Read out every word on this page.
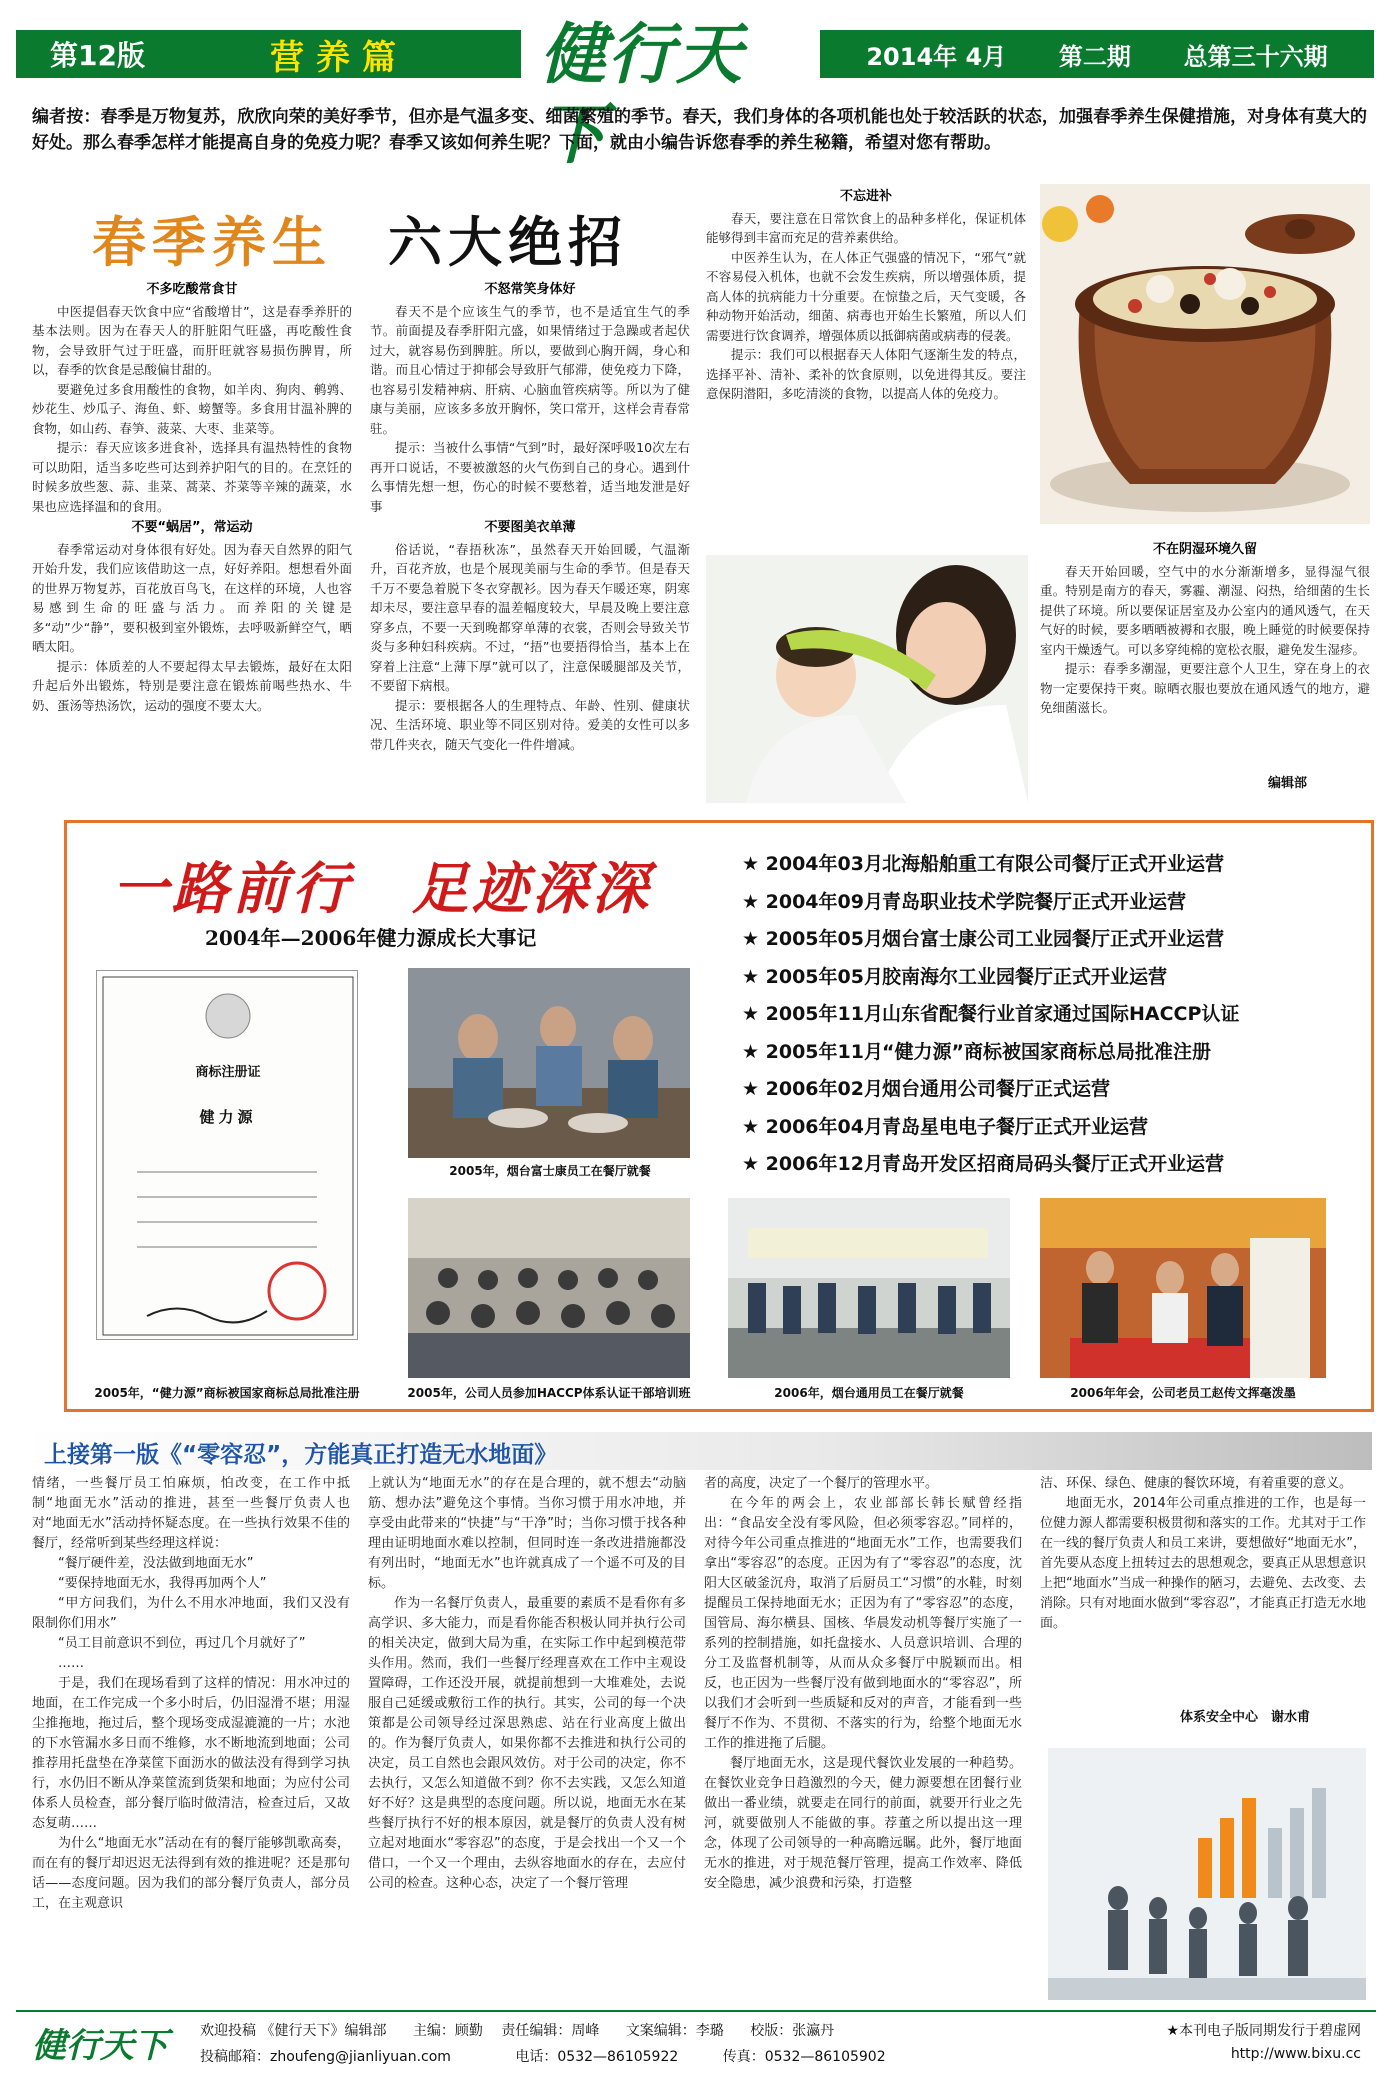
第12版	营养篇 健行天下
2014年 4月 第二期 总第三十六期
编者按：春季是万物复苏，欣欣向荣的美好季节，但亦是气温多变、细菌繁殖的季节。春天，我们身体的各项机能也处于较活跃的状态，加强春季养生保健措施，对身体有莫大的好处。那么春季怎样才能提高自身的免疫力呢？春季又该如何养生呢？下面，就由小编告诉您春季的养生秘籍，希望对您有帮助。
春季养生 六大绝招
不多吃酸常食甘

中医提倡春天饮食中应“省酸增甘”，这是春季养肝的基本法则。因为在春天人的肝脏阳气旺盛，再吃酸性食物，会导致肝气过于旺盛，而肝旺就容易损伤脾胃，所以，春季的饮食是忌酸偏甘甜的。

要避免过多食用酸性的食物，如羊肉、狗肉、鹌鹑、炒花生、炒瓜子、海鱼、虾、螃蟹等。多食用甘温补脾的食物，如山药、春笋、菠菜、大枣、韭菜等。

提示：春天应该多进食补，选择具有温热特性的食物可以助阳，适当多吃些可达到养护阳气的目的。在烹饪的时候多放些葱、蒜、韭菜、蒿菜、芥菜等辛辣的蔬菜，水果也应选择温和的食用。

不要“蜗居”，常运动

春季常运动对身体很有好处。因为春天自然界的阳气开始升发，我们应该借助这一点，好好养阳。想想看外面的世界万物复苏，百花放百鸟飞，在这样的环境，人也容易感到生命的旺盛与活力。而养阳的关键是多“动”少“静”，要积极到室外锻炼，去呼吸新鲜空气，晒晒太阳。

提示：体质差的人不要起得太早去锻炼，最好在太阳升起后外出锻炼，特别是要注意在锻炼前喝些热水、牛奶、蛋汤等热汤饮，运动的强度不要太大。

不怒常笑身体好

春天不是个应该生气的季节，也不是适宜生气的季节。前面提及春季肝阳亢盛，如果情绪过于急躁或者起伏过大，就容易伤到脾脏。所以，要做到心胸开阔，身心和谐。而且心情过于抑郁会导致肝气郁滞，使免疫力下降，也容易引发精神病、肝病、心脑血管疾病等。所以为了健康与美丽，应该多多放开胸怀，笑口常开，这样会青春常驻。

提示：当被什么事情“气到”时，最好深呼吸10次左右再开口说话，不要被激怒的火气伤到自己的身心。遇到什么事情先想一想，伤心的时候不要愁着，适当地发泄是好事

不要图美衣单薄

俗话说，“春捂秋冻”，虽然春天开始回暖，气温渐升，百花齐放，也是个展现美丽与生命的季节。但是春天千万不要急着脱下冬衣穿靓衫。因为春天乍暖还寒，阴寒却未尽，要注意早春的温差幅度较大，早晨及晚上要注意穿多点，不要一天到晚都穿单薄的衣裳，否则会导致关节炎与多种妇科疾病。不过，“捂”也要捂得恰当，基本上在穿着上注意“上薄下厚”就可以了，注意保暖腿部及关节，不要留下病根。

提示：要根据各人的生理特点、年龄、性别、健康状况、生活环境、职业等不同区别对待。爱美的女性可以多带几件夹衣，随天气变化一件件增减。

不忘进补

春天，要注意在日常饮食上的品种多样化，保证机体能够得到丰富而充足的营养素供给。

中医养生认为，在人体正气强盛的情况下，“邪气”就不容易侵入机体，也就不会发生疾病，所以增强体质，提高人体的抗病能力十分重要。在惊蛰之后，天气变暖，各种动物开始活动，细菌、病毒也开始生长繁殖，所以人们需要进行饮食调养，增强体质以抵御病菌或病毒的侵袭。

提示：我们可以根据春天人体阳气逐渐生发的特点，选择平补、清补、柔补的饮食原则，以免进得其反。要注意保阴潜阳，多吃清淡的食物，以提高人体的免疫力。

不在阴湿环境久留

春天开始回暖，空气中的水分渐渐增多，显得湿气很重。特别是南方的春天，雾霾、潮湿、闷热，给细菌的生长提供了环境。所以要保证居室及办公室内的通风透气，在天气好的时候，要多晒晒被褥和衣服，晚上睡觉的时候要保持室内干燥透气。可以多穿纯棉的宽松衣服，避免发生湿疹。

提示：春季多潮湿，更要注意个人卫生，穿在身上的衣物一定要保持干爽。晾晒衣服也要放在通风透气的地方，避免细菌滋长。

编辑部
一路前行　足迹深深
2004年—2006年健力源成长大事记
★ 2004年03月 北海船舶重工有限公司餐厅正式开业运营
★ 2004年09月 青岛职业技术学院餐厅正式开业运营
★ 2005年05月 烟台富士康公司工业园餐厅正式开业运营
★ 2005年05月 胶南海尔工业园餐厅正式开业运营
★ 2005年11月 山东省配餐行业首家通过国际HACCP认证
★ 2005年11月 “健力源”商标被国家商标总局批准注册
★ 2006年02月 烟台通用公司餐厅正式运营
★ 2006年04月 青岛星电电子餐厅正式开业运营
★ 2006年12月 青岛开发区招商局码头餐厅正式开业运营
商标注册证
健力源
2005年，烟台富士康员工在餐厅就餐
2005年，公司人员参加HACCP体系认证干部培训班	2006年，烟台通用员工在餐厅就餐	2006年年会，公司老员工赵传文挥毫泼墨
2005年，“健力源”商标被国家商标总局批准注册
上接第一版《“零容忍”，方能真正打造无水地面》

情绪，一些餐厅员工怕麻烦，怕改变，在工作中抵制“地面无水”活动的推进，甚至一些餐厅负责人也对“地面无水”活动持怀疑态度。在一些执行效果不佳的餐厅，经常听到某些经理这样说：

“餐厅硬件差，没法做到地面无水”

“要保持地面无水，我得再加两个人”

“甲方问我们，为什么不用水冲地面，我们又没有限制你们用水”

“员工目前意识不到位，再过几个月就好了”

……

于是，我们在现场看到了这样的情况：用水冲过的地面，在工作完成一个多小时后，仍旧湿滑不堪；用湿尘推拖地，拖过后，整个现场变成湿漉漉的一片；水池的下水管漏水多日而不维修，水不断地流到地面；公司推荐用托盘垫在净菜筐下面沥水的做法没有得到学习执行，水仍旧不断从净菜筐流到货架和地面；为应付公司体系人员检查，部分餐厅临时做清洁，检查过后，又故态复萌……

为什么“地面无水”活动在有的餐厅能够凯歌高奏，而在有的餐厅却迟迟无法得到有效的推进呢？还是那句话——态度问题。因为我们的部分餐厅负责人，部分员工，在主观意识

上就认为“地面无水”的存在是合理的，就不想去“动脑筋、想办法”避免这个事情。当你习惯于用水冲地，并享受由此带来的“快捷”与“干净”时；当你习惯于找各种理由证明地面水难以控制，但同时连一条改进措施都没有列出时，“地面无水”也许就真成了一个遥不可及的目标。

作为一名餐厅负责人，最重要的素质不是看你有多高学识、多大能力，而是看你能否积极认同并执行公司的相关决定，做到大局为重，在实际工作中起到模范带头作用。然而，我们一些餐厅经理喜欢在工作中主观设置障碍，工作还没开展，就提前想到一大堆难处，去说服自己延缓或敷衍工作的执行。其实，公司的每一个决策都是公司领导经过深思熟虑、站在行业高度上做出的。作为餐厅负责人，如果你都不去推进和执行公司的决定，员工自然也会跟风效仿。对于公司的决定，你不去执行，又怎么知道做不到？你不去实践，又怎么知道好不好？这是典型的态度问题。所以说，地面无水在某些餐厅执行不好的根本原因，就是餐厅的负责人没有树立起对地面水“零容忍”的态度，于是会找出一个又一个借口，一个又一个理由，去纵容地面水的存在，去应付公司的检查。这种心态，决定了一个餐厅管理

者的高度，决定了一个餐厅的管理水平。

在今年的两会上，农业部部长韩长赋曾经指出：“食品安全没有零风险，但必须零容忍。”同样的，对待今年公司重点推进的“地面无水”工作，也需要我们拿出“零容忍”的态度。正因为有了“零容忍”的态度，沈阳大区破釜沉舟，取消了后厨员工“习惯”的水鞋，时刻提醒员工保持地面无水；正因为有了“零容忍”的态度，国管局、海尔横县、国核、华晨发动机等餐厅实施了一系列的控制措施，如托盘接水、人员意识培训、合理的分工及监督机制等，从而从众多餐厅中脱颖而出。相反，也正因为一些餐厅没有做到地面水的“零容忍”，所以我们才会听到一些质疑和反对的声音，才能看到一些餐厅不作为、不贯彻、不落实的行为，给整个地面无水工作的推进拖了后腿。

餐厅地面无水，这是现代餐饮业发展的一种趋势。在餐饮业竞争日趋激烈的今天，健力源要想在团餐行业做出一番业绩，就要走在同行的前面，就要开行业之先河，就要做别人不能做的事。荐董之所以提出这一理念，体现了公司领导的一种高瞻远瞩。此外，餐厅地面无水的推进，对于规范餐厅管理，提高工作效率、降低安全隐患，减少浪费和污染，打造整

洁、环保、绿色、健康的餐饮环境，有着重要的意义。

地面无水，2014年公司重点推进的工作，也是每一位健力源人都需要积极贯彻和落实的工作。尤其对于工作在一线的餐厅负责人和员工来讲，要想做好“地面无水”，首先要从态度上扭转过去的思想观念，要真正从思想意识上把“地面水”当成一种操作的陋习，去避免、去改变、去消除。只有对地面水做到“零容忍”，才能真正打造无水地面。

体系安全中心　谢水甫
健行天下 欢迎投稿 《健行天下》编辑部 主编：顾勤 责任编辑：周峰 文案编辑：李璐 校版：张瀛丹
投稿邮箱：zhoufeng@jianliyuan.com	电话：0532—86105922	传真：0532—86105902
★本刊电子版同期发行于碧虚网
http://www.bixu.cc
